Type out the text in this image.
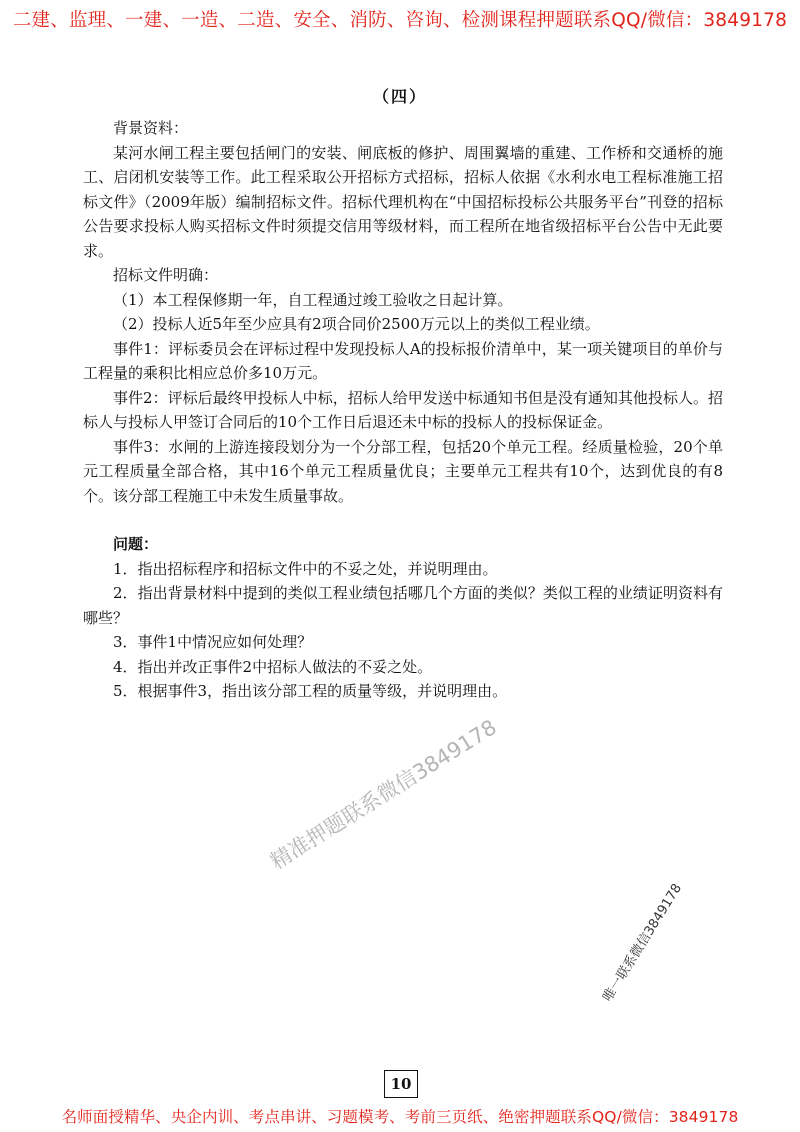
二建、监理、一建、一造、二造、安全、消防、咨询、检测课程押题联系QQ/微信：3849178
（四）

背景资料：

某河水闸工程主要包括闸门的安装、闸底板的修护、周围翼墙的重建、工作桥和交通桥的施工、启闭机安装等工作。此工程采取公开招标方式招标，招标人依据《水利水电工程标准施工招标文件》（2009年版）编制招标文件。招标代理机构在“中国招标投标公共服务平台”刊登的招标公告要求投标人购买招标文件时须提交信用等级材料，而工程所在地省级招标平台公告中无此要求。

招标文件明确：

（1）本工程保修期一年，自工程通过竣工验收之日起计算。

（2）投标人近5年至少应具有2项合同价2500万元以上的类似工程业绩。

事件1：评标委员会在评标过程中发现投标人A的投标报价清单中，某一项关键项目的单价与工程量的乘积比相应总价多10万元。

事件2：评标后最终甲投标人中标，招标人给甲发送中标通知书但是没有通知其他投标人。招标人与投标人甲签订合同后的10个工作日后退还未中标的投标人的投标保证金。

事件3：水闸的上游连接段划分为一个分部工程，包括20个单元工程。经质量检验，20个单元工程质量全部合格，其中16个单元工程质量优良；主要单元工程共有10个，达到优良的有8个。该分部工程施工中未发生质量事故。

问题：

1．指出招标程序和招标文件中的不妥之处，并说明理由。

2．指出背景材料中提到的类似工程业绩包括哪几个方面的类似？类似工程的业绩证明资料有哪些？

3．事件1中情况应如何处理？

4．指出并改正事件2中招标人做法的不妥之处。

5．根据事件3，指出该分部工程的质量等级，并说明理由。

精准押题联系微信3849178
唯一联系微信3849178
10
名师面授精华、央企内训、考点串讲、习题模考、考前三页纸、绝密押题联系QQ/微信：3849178
